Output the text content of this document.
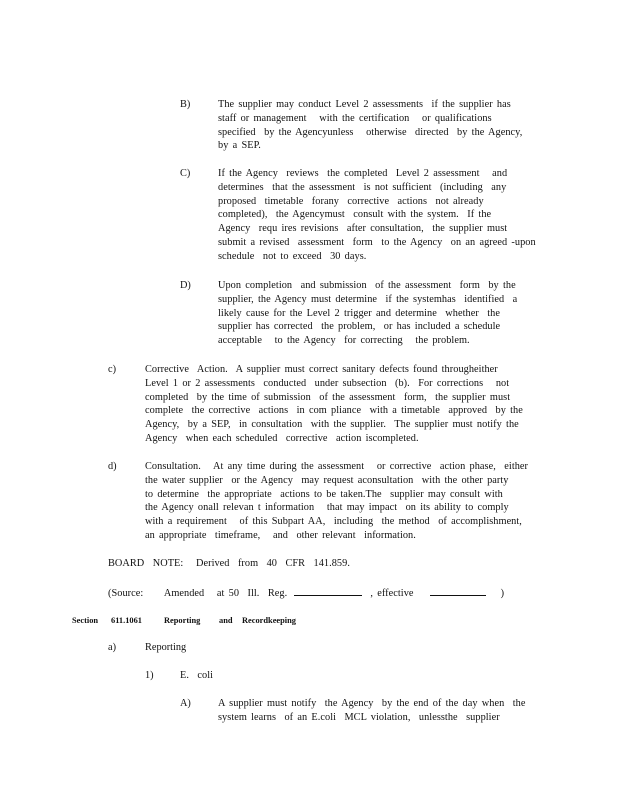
B)	The supplier may conduct Level 2 assessments  if the supplier has
staff or management   with the certification   or qualifications
specified  by the Agencyunless   otherwise  directed  by the Agency,
by a SEP.
C)	If the Agency  reviews  the completed  Level 2 assessment   and
determines  that the assessment  is not sufficient  (including  any
proposed  timetable  forany  corrective  actions  not already
completed),  the Agencymust  consult with the system.  If the
Agency  requ ires revisions  after consultation,  the supplier must
submit a revised  assessment  form  to the Agency  on an agreed -upon
schedule  not to exceed  30 days.
D)	Upon completion  and submission  of the assessment  form  by the
supplier, the Agency must determine  if the systemhas  identified  a
likely cause for the Level 2 trigger and determine  whether  the
supplier has corrected  the problem,  or has included a schedule
acceptable   to the Agency  for correcting   the problem.
c)	Corrective  Action.  A supplier must correct sanitary defects found througheither
Level 1 or 2 assessments  conducted  under subsection  (b).  For corrections   not
completed  by the time of submission  of the assessment  form,  the supplier must
complete  the corrective  actions  in com pliance  with a timetable  approved  by the
Agency,  by a SEP,  in consultation  with the supplier.  The supplier must notify the
Agency  when each scheduled  corrective  action iscompleted.
d)	Consultation.   At any time during the assessment   or corrective  action phase,  either
the water supplier  or the Agency  may request aconsultation  with the other party
to determine  the appropriate  actions to be taken.The  supplier may consult with
the Agency onall relevan t information   that may impact  on its ability to comply
with a requirement   of this Subpart AA,  including  the method  of accomplishment,
an appropriate  timeframe,   and  other relevant  information.
BOARD  NOTE:   Derived  from  40  CFR  141.859.
(Source:     Amended   at 50  Ill.  Reg.	, effective	)
Section 611.1061	Reporting and Recordkeeping
a)	Reporting
1)	E.  coli
A)	A supplier must notify  the Agency  by the end of the day when  the
system learns  of an E.coli  MCL violation,  unlessthe  supplier
